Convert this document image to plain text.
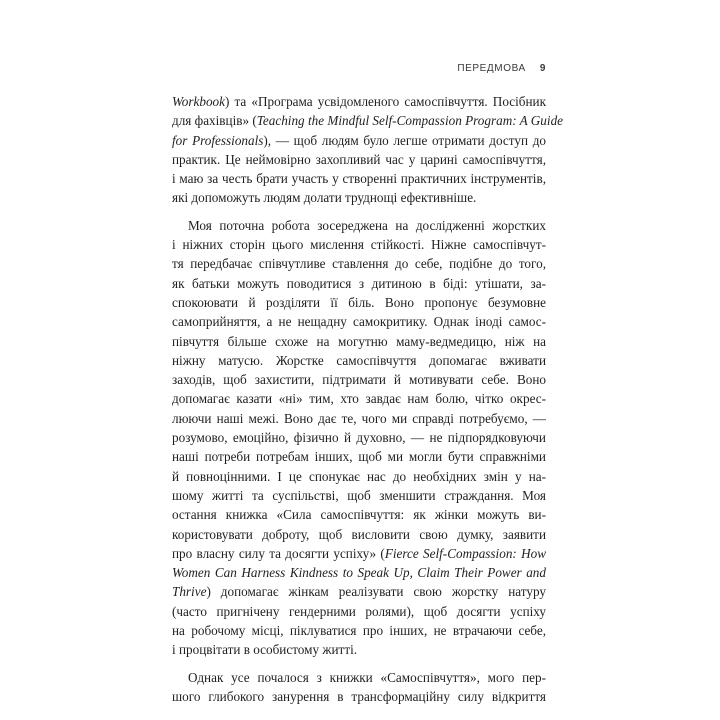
ПЕРЕДМОВА 9
Workbook) та «Програма усвідомленого самоспівчуття. Посібник
для фахівців» (Teaching the Mindful Self-Compassion Program: A Guide
for Professionals), — щоб людям було легше отримати доступ до
практик. Це неймовірно захопливий час у царині самоспівчуття,
і маю за честь брати участь у створенні практичних інструментів,
які допоможуть людям долати труднощі ефективніше.
Моя поточна робота зосереджена на дослідженні жорстких
і ніжних сторін цього мислення стійкості. Ніжне самоспівчут-
тя передбачає співчутливе ставлення до себе, подібне до того,
як батьки можуть поводитися з дитиною в біді: утішати, за-
спокоювати й розділяти її біль. Воно пропонує безумовне
самоприйняття, а не нещадну самокритику. Однак іноді самос-
півчуття більше схоже на могутню маму-ведмедицю, ніж на
ніжну матусю. Жорстке самоспівчуття допомагає вживати
заходів, щоб захистити, підтримати й мотивувати себе. Воно
допомагає казати «ні» тим, хто завдає нам болю, чітко окрес-
люючи наші межі. Воно дає те, чого ми справді потребуємо, —
розумово, емоційно, фізично й духовно, — не підпорядковуючи
наші потреби потребам інших, щоб ми могли бути справжніми
й повноцінними. І це спонукає нас до необхідних змін у на-
шому житті та суспільстві, щоб зменшити страждання. Моя
остання книжка «Сила самоспівчуття: як жінки можуть ви-
користовувати доброту, щоб висловити свою думку, заявити
про власну силу та досягти успіху» (Fierce Self-Compassion: How
Women Can Harness Kindness to Speak Up, Claim Their Power and
Thrive) допомагає жінкам реалізувати свою жорстку натуру
(часто пригнічену гендерними ролями), щоб досягти успіху
на робочому місці, піклуватися про інших, не втрачаючи себе,
і процвітати в особистому житті.
Однак усе почалося з книжки «Самоспівчуття», мого пер-
шого глибокого занурення в трансформаційну силу відкриття
